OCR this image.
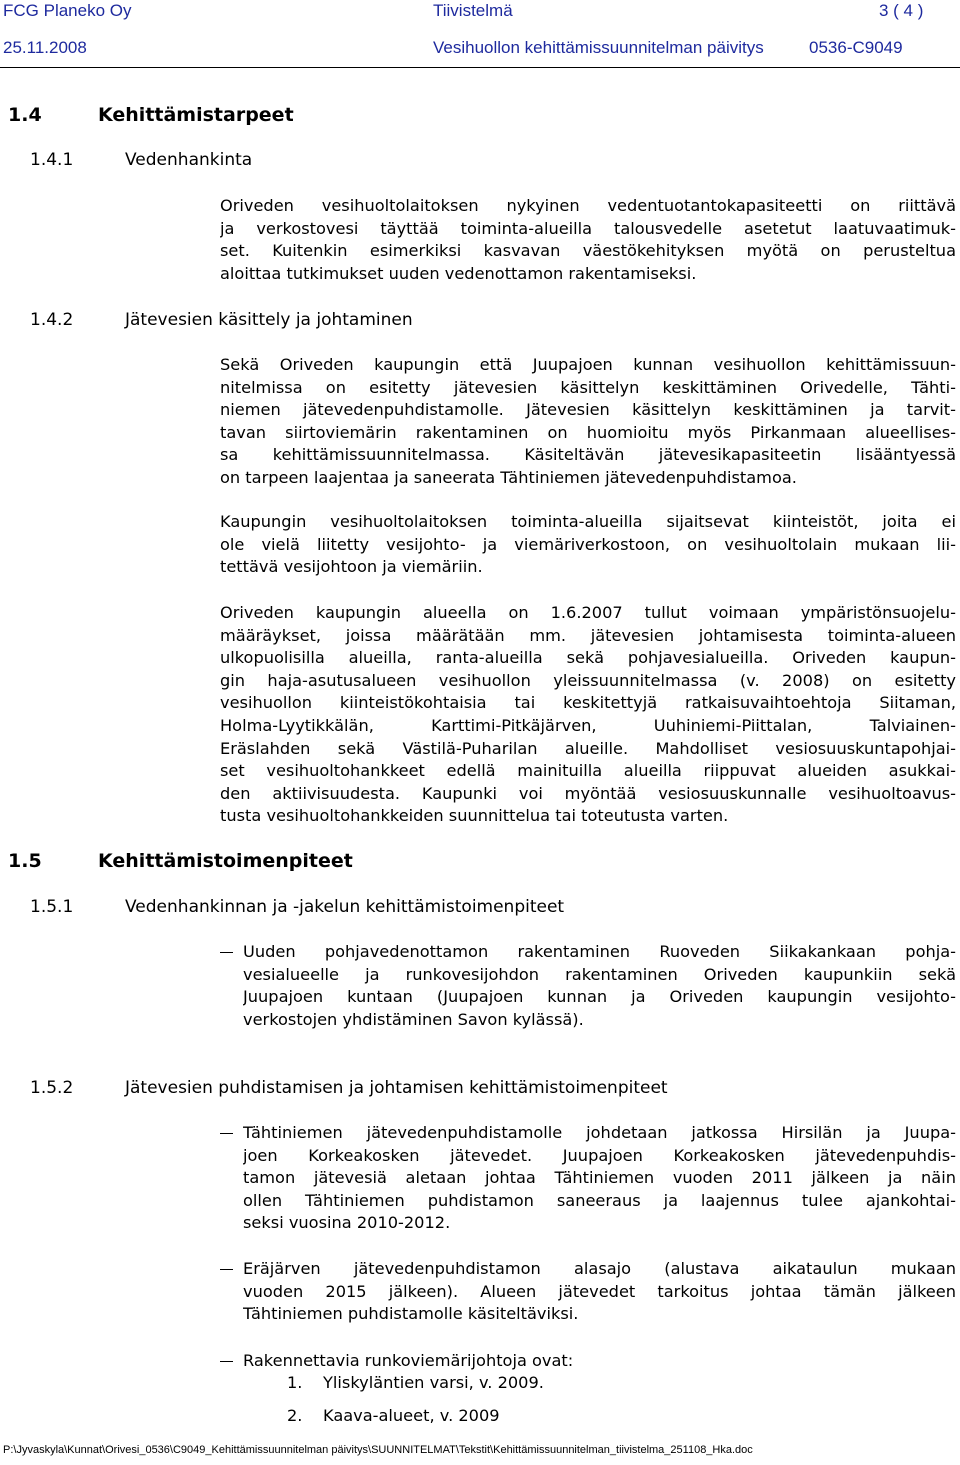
FCG Planeko Oy	Tiivistelmä	3 ( 4 )
25.11.2008	Vesihuollon kehittämissuunnitelman päivitys	0536-C9049
1.4	Kehittämistarpeet
1.4.1	Vedenhankinta
Oriveden vesihuoltolaitoksen nykyinen vedentuotantokapasiteetti on riittävä
ja verkostovesi täyttää toiminta-alueilla talousvedelle asetetut laatuvaatimuk-
set. Kuitenkin esimerkiksi kasvavan väestökehityksen myötä on perusteltua
aloittaa tutkimukset uuden vedenottamon rakentamiseksi.
1.4.2	Jätevesien käsittely ja johtaminen
Sekä Oriveden kaupungin että Juupajoen kunnan vesihuollon kehittämissuun-
nitelmissa on esitetty jätevesien käsittelyn keskittäminen Orivedelle, Tähti-
niemen jätevedenpuhdistamolle. Jätevesien käsittelyn keskittäminen ja tarvit-
tavan siirtoviemärin rakentaminen on huomioitu myös Pirkanmaan alueellises-
sa kehittämissuunnitelmassa. Käsiteltävän jätevesikapasiteetin lisääntyessä
on tarpeen laajentaa ja saneerata Tähtiniemen jätevedenpuhdistamoa.
Kaupungin vesihuoltolaitoksen toiminta-alueilla sijaitsevat kiinteistöt, joita ei
ole vielä liitetty vesijohto- ja viemäriverkostoon, on vesihuoltolain mukaan lii-
tettävä vesijohtoon ja viemäriin.
Oriveden kaupungin alueella on 1.6.2007 tullut voimaan ympäristönsuojelu-
määräykset, joissa määrätään mm. jätevesien johtamisesta toiminta-alueen
ulkopuolisilla alueilla, ranta-alueilla sekä pohjavesialueilla. Oriveden kaupun-
gin haja-asutusalueen vesihuollon yleissuunnitelmassa (v. 2008) on esitetty
vesihuollon kiinteistökohtaisia tai keskitettyjä ratkaisuvaihtoehtoja Siitaman,
Holma-Lyytikkälän, Karttimi-Pitkäjärven, Uuhiniemi-Piittalan, Talviainen-
Eräslahden sekä Västilä-Puharilan alueille. Mahdolliset vesiosuuskuntapohjai-
set vesihuoltohankkeet edellä mainituilla alueilla riippuvat alueiden asukkai-
den aktiivisuudesta. Kaupunki voi myöntää vesiosuuskunnalle vesihuoltoavus-
tusta vesihuoltohankkeiden suunnittelua tai toteutusta varten.
1.5	Kehittämistoimenpiteet
1.5.1	Vedenhankinnan ja -jakelun kehittämistoimenpiteet
Uuden pohjavedenottamon rakentaminen Ruoveden Siikakankaan pohja-
vesialueelle ja runkovesijohdon rakentaminen Oriveden kaupunkiin sekä
Juupajoen kuntaan (Juupajoen kunnan ja Oriveden kaupungin vesijohto-
verkostojen yhdistäminen Savon kylässä).
1.5.2	Jätevesien puhdistamisen ja johtamisen kehittämistoimenpiteet
Tähtiniemen jätevedenpuhdistamolle johdetaan jatkossa Hirsilän ja Juupa-
joen Korkeakosken jätevedet. Juupajoen Korkeakosken jätevedenpuhdis-
tamon jätevesiä aletaan johtaa Tähtiniemen vuoden 2011 jälkeen ja näin
ollen Tähtiniemen puhdistamon saneeraus ja laajennus tulee ajankohtai-
seksi vuosina 2010-2012.
Eräjärven jätevedenpuhdistamon alasajo (alustava aikataulun mukaan
vuoden 2015 jälkeen). Alueen jätevedet tarkoitus johtaa tämän jälkeen
Tähtiniemen puhdistamolle käsiteltäviksi.
Rakennettavia runkoviemärijohtoja ovat:
1. Yliskyläntien varsi, v. 2009.
2. Kaava-alueet, v. 2009
P:\Jyvaskyla\Kunnat\Orivesi_0536\C9049_Kehittämissuunnitelman päivitys\SUUNNITELMAT\Tekstit\Kehittämissuunnitelman_tiivistelma_251108_Hka.doc
